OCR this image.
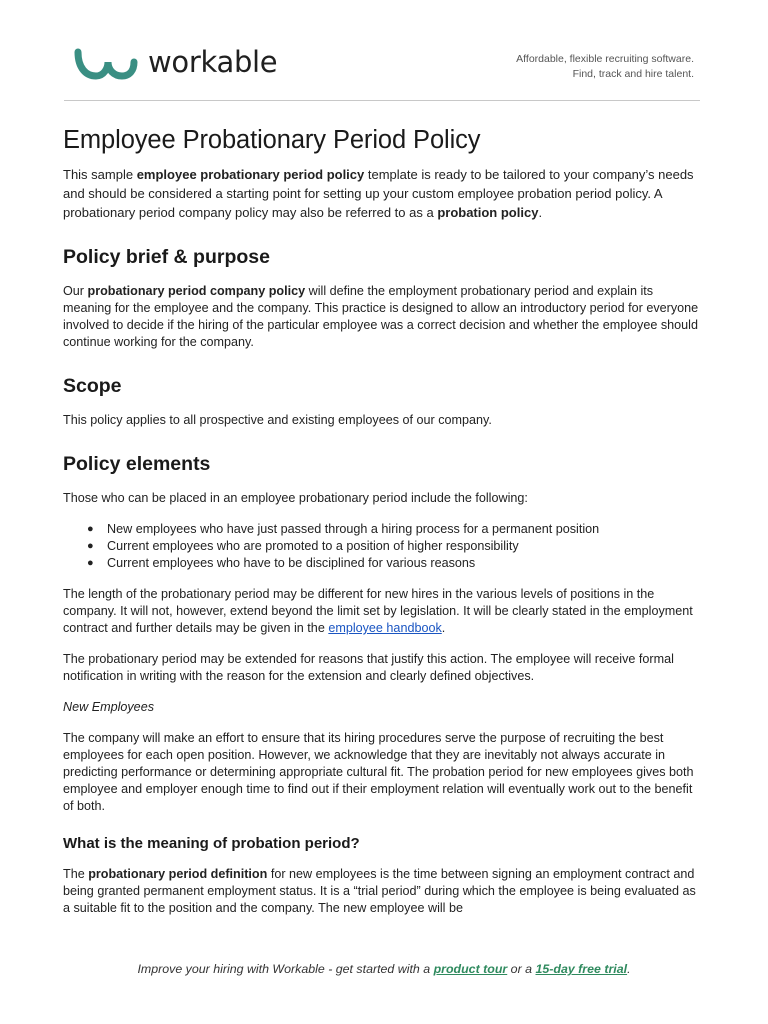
workable	Affordable, flexible recruiting software.
Find, track and hire talent.
Employee Probationary Period Policy

This sample employee probationary period policy template is ready to be tailored to your company’s needs and should be considered a starting point for setting up your custom employee probation period policy. A probationary period company policy may also be referred to as a probation policy.

Policy brief & purpose

Our probationary period company policy will define the employment probationary period and explain its meaning for the employee and the company. This practice is designed to allow an introductory period for everyone involved to decide if the hiring of the particular employee was a correct decision and whether the employee should continue working for the company.

Scope

This policy applies to all prospective and existing employees of our company.

Policy elements

Those who can be placed in an employee probationary period include the following:

● New employees who have just passed through a hiring process for a permanent position
● Current employees who are promoted to a position of higher responsibility
● Current employees who have to be disciplined for various reasons

The length of the probationary period may be different for new hires in the various levels of positions in the company. It will not, however, extend beyond the limit set by legislation. It will be clearly stated in the employment contract and further details may be given in the employee handbook.

The probationary period may be extended for reasons that justify this action. The employee will receive formal notification in writing with the reason for the extension and clearly defined objectives.

New Employees

The company will make an effort to ensure that its hiring procedures serve the purpose of recruiting the best employees for each open position. However, we acknowledge that they are inevitably not always accurate in predicting performance or determining appropriate cultural fit. The probation period for new employees gives both employee and employer enough time to find out if their employment relation will eventually work out to the benefit of both.

What is the meaning of probation period?

The probationary period definition for new employees is the time between signing an employment contract and being granted permanent employment status. It is a “trial period” during which the employee is being evaluated as a suitable fit to the position and the company. The new employee will be

Improve your hiring with Workable - get started with a product tour or a 15-day free trial.
